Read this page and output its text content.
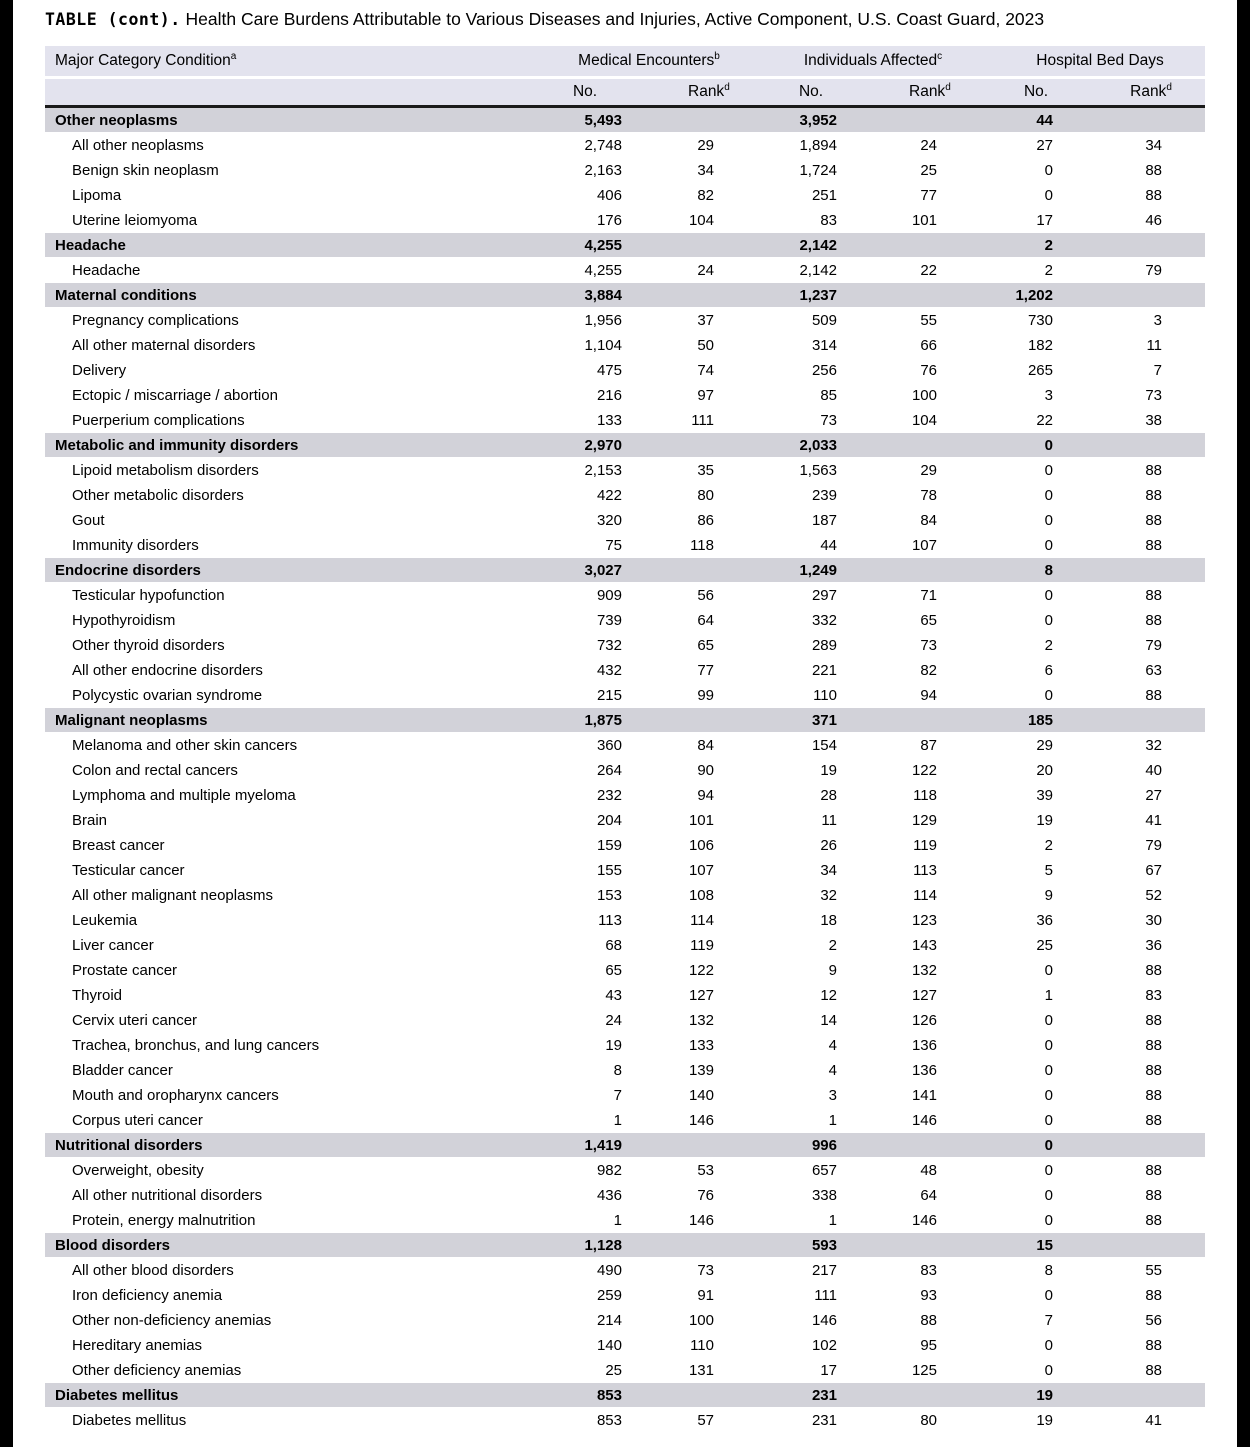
TABLE (cont). Health Care Burdens Attributable to Various Diseases and Injuries, Active Component, U.S. Coast Guard, 2023
Major Category Condition$^a$	Medical Encounters$^b$		Individuals Affected$^c$		Hospital Bed Days	
	No.	Rank$^d$	No.	Rank$^d$	No.	Rank$^d$
Other neoplasms	5,493		3,952		44	
All other neoplasms	2,748	29	1,894	24	27	34
Benign skin neoplasm	2,163	34	1,724	25	0	88
Lipoma	406	82	251	77	0	88
Uterine leiomyoma	176	104	83	101	17	46
Headache	4,255		2,142		2	
Headache	4,255	24	2,142	22	2	79
Maternal conditions	3,884		1,237		1,202	
Pregnancy complications	1,956	37	509	55	730	3
All other maternal disorders	1,104	50	314	66	182	11
Delivery	475	74	256	76	265	7
Ectopic / miscarriage / abortion	216	97	85	100	3	73
Puerperium complications	133	111	73	104	22	38
Metabolic and immunity disorders	2,970		2,033		0	
Lipoid metabolism disorders	2,153	35	1,563	29	0	88
Other metabolic disorders	422	80	239	78	0	88
Gout	320	86	187	84	0	88
Immunity disorders	75	118	44	107	0	88
Endocrine disorders	3,027		1,249		8	
Testicular hypofunction	909	56	297	71	0	88
Hypothyroidism	739	64	332	65	0	88
Other thyroid disorders	732	65	289	73	2	79
All other endocrine disorders	432	77	221	82	6	63
Polycystic ovarian syndrome	215	99	110	94	0	88
Malignant neoplasms	1,875		371		185	
Melanoma and other skin cancers	360	84	154	87	29	32
Colon and rectal cancers	264	90	19	122	20	40
Lymphoma and multiple myeloma	232	94	28	118	39	27
Brain	204	101	11	129	19	41
Breast cancer	159	106	26	119	2	79
Testicular cancer	155	107	34	113	5	67
All other malignant neoplasms	153	108	32	114	9	52
Leukemia	113	114	18	123	36	30
Liver cancer	68	119	2	143	25	36
Prostate cancer	65	122	9	132	0	88
Thyroid	43	127	12	127	1	83
Cervix uteri cancer	24	132	14	126	0	88
Trachea, bronchus, and lung cancers	19	133	4	136	0	88
Bladder cancer	8	139	4	136	0	88
Mouth and oropharynx cancers	7	140	3	141	0	88
Corpus uteri cancer	1	146	1	146	0	88
Nutritional disorders	1,419		996		0	
Overweight, obesity	982	53	657	48	0	88
All other nutritional disorders	436	76	338	64	0	88
Protein, energy malnutrition	1	146	1	146	0	88
Blood disorders	1,128		593		15	
All other blood disorders	490	73	217	83	8	55
Iron deficiency anemia	259	91	111	93	0	88
Other non-deficiency anemias	214	100	146	88	7	56
Hereditary anemias	140	110	102	95	0	88
Other deficiency anemias	25	131	17	125	0	88
Diabetes mellitus	853		231		19	
Diabetes mellitus	853	57	231	80	19	41
